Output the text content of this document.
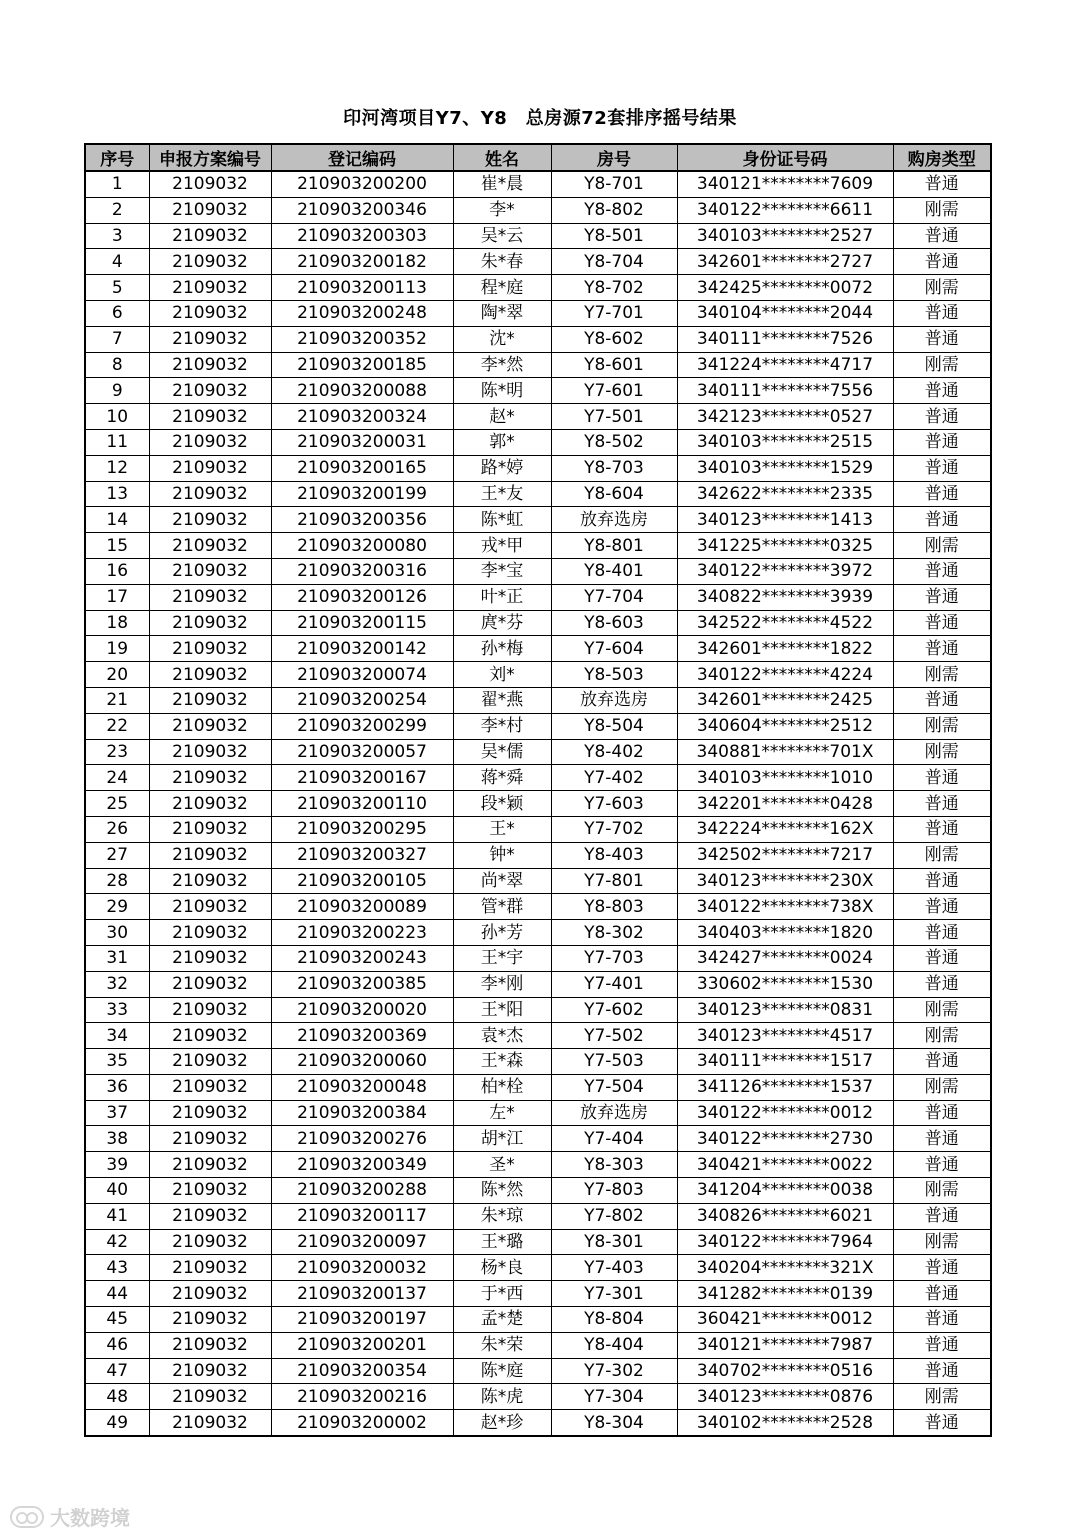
印河湾项目Y7、Y8　总房源72套排序摇号结果
序号	申报方案编号	登记编码	姓名	房号	身份证号码	购房类型
1	2109032	210903200200	崔*晨	Y8-701	340121********7609	普通
2	2109032	210903200346	李*	Y8-802	340122********6611	刚需
3	2109032	210903200303	吴*云	Y8-501	340103********2527	普通
4	2109032	210903200182	朱*春	Y8-704	342601********2727	普通
5	2109032	210903200113	程*庭	Y8-702	342425********0072	刚需
6	2109032	210903200248	陶*翠	Y7-701	340104********2044	普通
7	2109032	210903200352	沈*	Y8-602	340111********7526	普通
8	2109032	210903200185	李*然	Y8-601	341224********4717	刚需
9	2109032	210903200088	陈*明	Y7-601	340111********7556	普通
10	2109032	210903200324	赵*	Y7-501	342123********0527	普通
11	2109032	210903200031	郭*	Y8-502	340103********2515	普通
12	2109032	210903200165	路*婷	Y8-703	340103********1529	普通
13	2109032	210903200199	王*友	Y8-604	342622********2335	普通
14	2109032	210903200356	陈*虹	放弃选房	340123********1413	普通
15	2109032	210903200080	戎*甲	Y8-801	341225********0325	刚需
16	2109032	210903200316	李*宝	Y8-401	340122********3972	普通
17	2109032	210903200126	叶*正	Y7-704	340822********3939	普通
18	2109032	210903200115	庹*芬	Y8-603	342522********4522	普通
19	2109032	210903200142	孙*梅	Y7-604	342601********1822	普通
20	2109032	210903200074	刘*	Y8-503	340122********4224	刚需
21	2109032	210903200254	翟*燕	放弃选房	342601********2425	普通
22	2109032	210903200299	李*村	Y8-504	340604********2512	刚需
23	2109032	210903200057	吴*儒	Y8-402	340881********701X	刚需
24	2109032	210903200167	蒋*舜	Y7-402	340103********1010	普通
25	2109032	210903200110	段*颖	Y7-603	342201********0428	普通
26	2109032	210903200295	王*	Y7-702	342224********162X	普通
27	2109032	210903200327	钟*	Y8-403	342502********7217	刚需
28	2109032	210903200105	尚*翠	Y7-801	340123********230X	普通
29	2109032	210903200089	管*群	Y8-803	340122********738X	普通
30	2109032	210903200223	孙*芳	Y8-302	340403********1820	普通
31	2109032	210903200243	王*宇	Y7-703	342427********0024	普通
32	2109032	210903200385	李*刚	Y7-401	330602********1530	普通
33	2109032	210903200020	王*阳	Y7-602	340123********0831	刚需
34	2109032	210903200369	袁*杰	Y7-502	340123********4517	刚需
35	2109032	210903200060	王*森	Y7-503	340111********1517	普通
36	2109032	210903200048	柏*栓	Y7-504	341126********1537	刚需
37	2109032	210903200384	左*	放弃选房	340122********0012	普通
38	2109032	210903200276	胡*江	Y7-404	340122********2730	普通
39	2109032	210903200349	圣*	Y8-303	340421********0022	普通
40	2109032	210903200288	陈*然	Y7-803	341204********0038	刚需
41	2109032	210903200117	朱*琼	Y7-802	340826********6021	普通
42	2109032	210903200097	王*璐	Y8-301	340122********7964	刚需
43	2109032	210903200032	杨*良	Y7-403	340204********321X	普通
44	2109032	210903200137	于*西	Y7-301	341282********0139	普通
45	2109032	210903200197	孟*楚	Y8-804	360421********0012	普通
46	2109032	210903200201	朱*荣	Y8-404	340121********7987	普通
47	2109032	210903200354	陈*庭	Y7-302	340702********0516	普通
48	2109032	210903200216	陈*虎	Y7-304	340123********0876	刚需
49	2109032	210903200002	赵*珍	Y8-304	340102********2528	普通
大数跨境
